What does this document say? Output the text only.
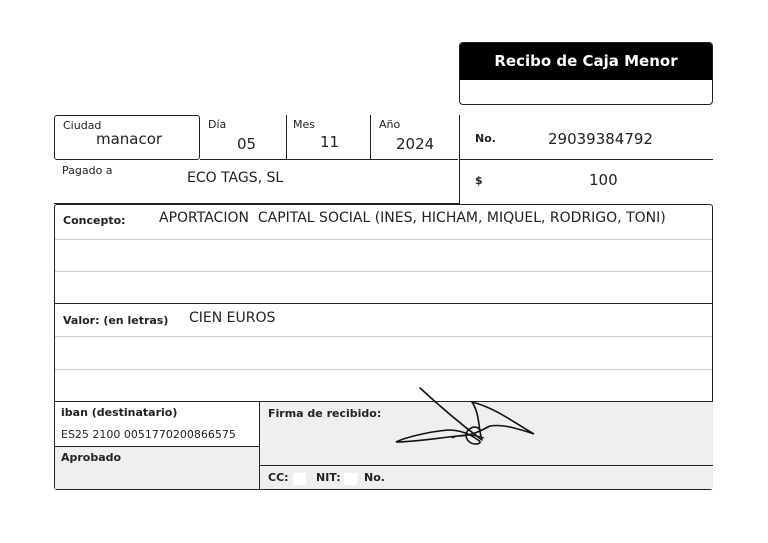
Recibo de Caja Menor
Ciudad
manacor
Día
05
Mes
11
Año
2024	No.	29039384792
Pagado a	ECO TAGS, SL	$	100
Concepto: APORTACION  CAPITAL SOCIAL (INES, HICHAM, MIQUEL, RODRIGO, TONI)
Valor: (en letras) CIEN EUROS
iban (destinatario)
ES25 2100 0051770200866575
Aprobado
Firma de recibido:
CC: NIT: No.
